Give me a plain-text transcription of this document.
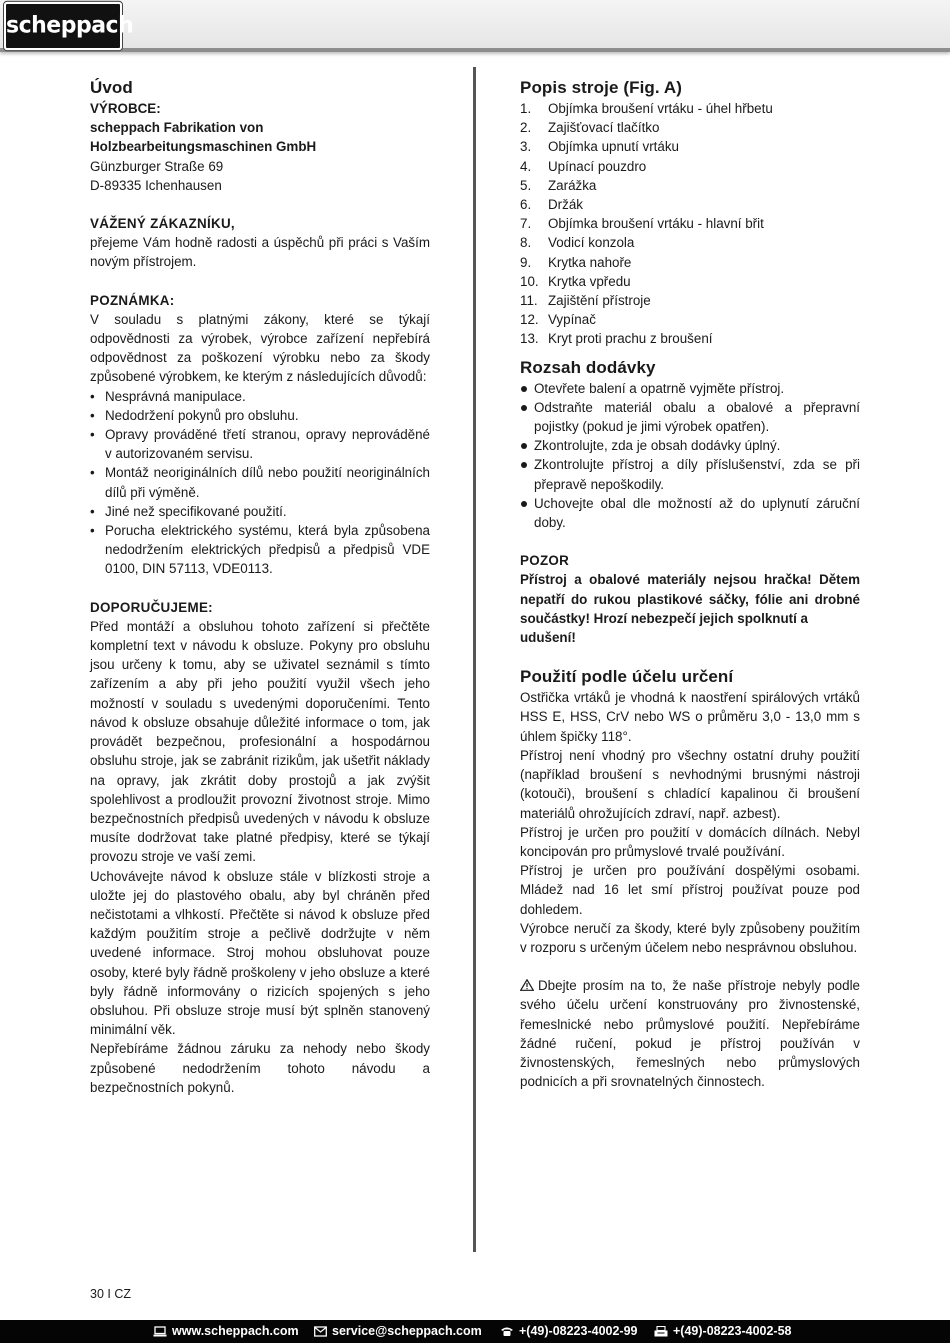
scheppach
Úvod
VÝROBCE:
scheppach Fabrikation von
Holzbearbeitungsmaschinen GmbH
Günzburger Straße 69
D-89335 Ichenhausen
VÁŽENÝ ZÁKAZNÍKU,

přejeme Vám hodně radosti a úspěchů při práci s Vaším novým přístrojem.

POZNÁMKA:

V souladu s platnými zákony, které se týkají odpovědnosti za výrobek, výrobce zařízení nepřebírá odpovědnost za poškození výrobku nebo za škody způsobené výrobkem, ke kterým z následujících důvodů:

• Nesprávná manipulace.
• Nedodržení pokynů pro obsluhu.
• Opravy prováděné třetí stranou, opravy neprováděné v autorizovaném servisu.
• Montáž neoriginálních dílů nebo použití neoriginálních dílů při výměně.
• Jiné než specifikované použití.
• Porucha elektrického systému, která byla způsobena nedodržením elektrických předpisů a předpisů VDE 0100, DIN 57113, VDE0113.
DOPORUČUJEME:

Před montáží a obsluhou tohoto zařízení si přečtěte kompletní text v návodu k obsluze. Pokyny pro obsluhu jsou určeny k tomu, aby se uživatel seznámil s tímto zařízením a aby při jeho použití využil všech jeho možností v souladu s uvedenými doporučeními. Tento návod k obsluze obsahuje důležité informace o tom, jak provádět bezpečnou, profesionální a hospodárnou obsluhu stroje, jak se zabránit rizikům, jak ušetřit náklady na opravy, jak zkrátit doby prostojů a jak zvýšit spolehlivost a prodloužit provozní životnost stroje. Mimo bezpečnostních předpisů uvedených v návodu k obsluze musíte dodržovat take platné předpisy, které se týkají provozu stroje ve vaší zemi.

Uchovávejte návod k obsluze stále v blízkosti stroje a uložte jej do plastového obalu, aby byl chráněn před nečistotami a vlhkostí. Přečtěte si návod k obsluze před každým použitím stroje a pečlivě dodržujte v něm uvedené informace. Stroj mohou obsluhovat pouze osoby, které byly řádně proškoleny v jeho obsluze a které byly řádně informovány o rizicích spojených s jeho obsluhou. Při obsluze stroje musí být splněn stanovený minimální věk.

Nepřebíráme žádnou záruku za nehody nebo škody způsobené nedodržením tohoto návodu a bezpečnostních pokynů.

Popis stroje (Fig. A)
1.	Objímka broušení vrtáku - úhel hřbetu
2.	Zajišťovací tlačítko
3.	Objímka upnutí vrtáku
4.	Upínací pouzdro
5.	Zarážka
6.	Držák
7.	Objímka broušení vrtáku - hlavní břit
8.	Vodicí konzola
9.	Krytka nahoře
10. Krytka vpředu
11. Zajištění přístroje
12. Vypínač
13. Kryt proti prachu z broušení
Rozsah dodávky
Otevřete balení a opatrně vyjměte přístroj.
Odstraňte materiál obalu a obalové a přepravní pojistky (pokud je jimi výrobek opatřen).
Zkontrolujte, zda je obsah dodávky úplný.
Zkontrolujte přístroj a díly příslušenství, zda se při přepravě nepoškodily.
Uchovejte obal dle možností až do uplynutí záruční doby.
POZOR

Přístroj a obalové materiály nejsou hračka! Dětem nepatří do rukou plastikové sáčky, fólie ani drobné součástky! Hrozí nebezpečí jejich spolknutí a

udušení!
Použití podle účelu určení

Ostřička vrtáků je vhodná k naostření spirálových vrtáků HSS E, HSS, CrV nebo WS o průměru 3,0 - 13,0 mm s úhlem špičky 118°.

Přístroj není vhodný pro všechny ostatní druhy použití (například broušení s nevhodnými brusnými nástroji (kotouči), broušení s chladící kapalinou či broušení materiálů ohrožujících zdraví, např. azbest).

Přístroj je určen pro použití v domácích dílnách. Nebyl koncipován pro průmyslové trvalé používání.

Přístroj je určen pro používání dospělými osobami. Mládež nad 16 let smí přístroj používat pouze pod dohledem.

Výrobce neručí za škody, které byly způsobeny použitím v rozporu s určeným účelem nebo nesprávnou obsluhou.

Dbejte prosím na to, že naše přístroje nebyly podle svého účelu určení konstruovány pro živnostenské, řemeslnické nebo průmyslové použití. Nepřebíráme žádné ručení, pokud je přístroj používán v živnostenských, řemeslných nebo průmyslových podnicích a při srovnatelných činnostech.

30 I CZ
www.scheppach.com	service@scheppach.com	+(49)-08223-4002-99	+(49)-08223-4002-58
